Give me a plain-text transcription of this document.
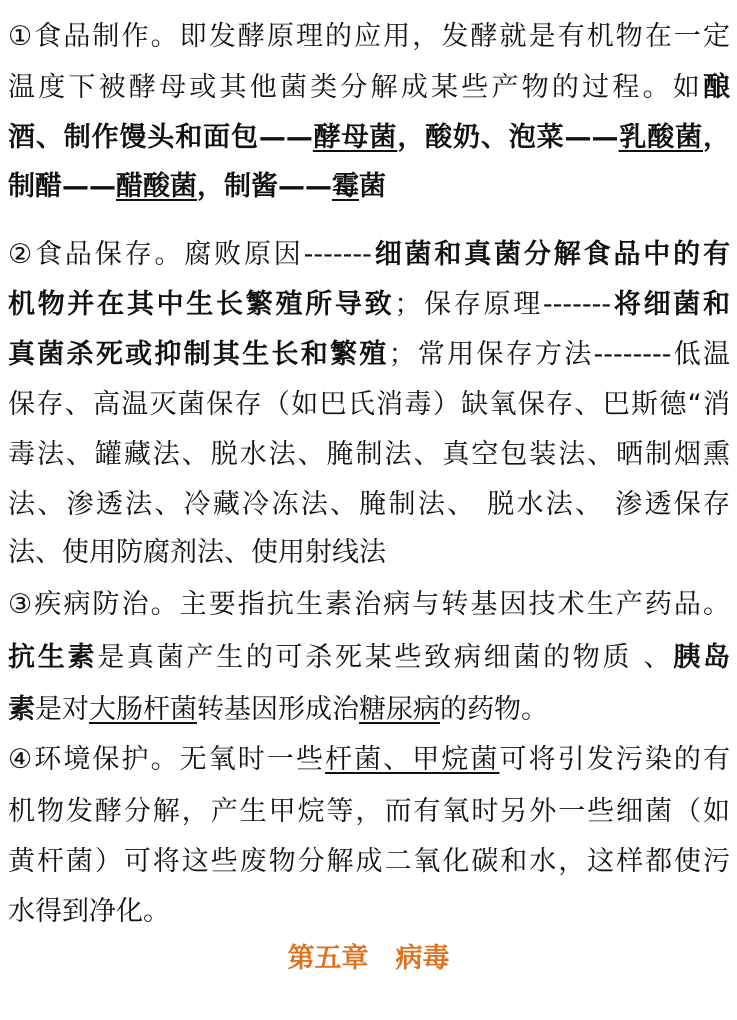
①食品制作。即发酵原理的应用，发酵就是有机物在一定
温度下被酵母或其他菌类分解成某些产物的过程。如酿
酒、制作馒头和面包——酵母菌，酸奶、泡菜——乳酸菌，
制醋——醋酸菌，制酱——霉菌
②食品保存。腐败原因-------细菌和真菌分解食品中的有
机物并在其中生长繁殖所导致；保存原理-------将细菌和
真菌杀死或抑制其生长和繁殖；常用保存方法--------低温
保存、高温灭菌保存（如巴氏消毒）缺氧保存、巴斯德“消
毒法、罐藏法、脱水法、腌制法、真空包装法、晒制烟熏
法、渗透法、冷藏冷冻法、腌制法、 脱水法、 渗透保存
法、使用防腐剂法、使用射线法
③疾病防治。主要指抗生素治病与转基因技术生产药品。
抗生素是真菌产生的可杀死某些致病细菌的物质 、胰岛
素是对大肠杆菌转基因形成治糖尿病的药物。
④环境保护。无氧时一些杆菌、甲烷菌可将引发污染的有
机物发酵分解，产生甲烷等，而有氧时另外一些细菌（如
黄杆菌）可将这些废物分解成二氧化碳和水，这样都使污
水得到净化。
第五章　病毒
